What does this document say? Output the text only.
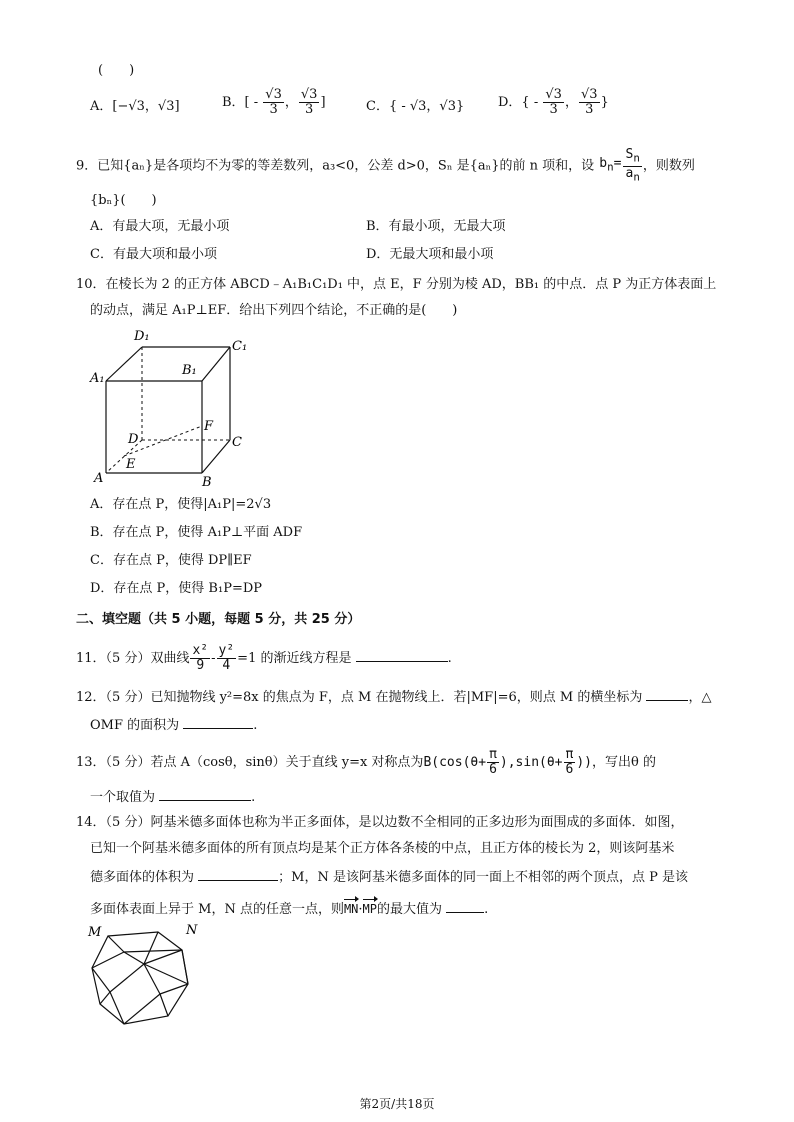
(　　)
A．[−√3，√3]	B．[ - $\frac{√3}{3}$ ， $\frac{√3}{3}$ ]	C．{ - √3，√3}	D．{ - $\frac{√3}{3}$ ， $\frac{√3}{3}$ }
9．已知{aₙ}是各项均不为零的等差数列，a₃<0，公差 d>0，Sₙ 是{aₙ}的前 n 项和，设 $b_n= \frac{S_n}{a_n}$ ，则数列
{bₙ}(　　)
A．有最大项，无最小项	B．有最小项，无最大项
C．有最大项和最小项	D．无最大项和最小项
10．在棱长为 2 的正方体 ABCD﹣A₁B₁C₁D₁ 中，点 E，F 分别为棱 AD，BB₁ 的中点．点 P 为正方体表面上
的动点，满足 A₁P⊥EF．给出下列四个结论，不正确的是(　　)
D₁
C₁
A₁
B₁
F
D	C
E
A	B
A．存在点 P，使得|A₁P|=2√3
B．存在点 P，使得 A₁P⊥平面 ADF
C．存在点 P，使得 DP∥EF
D．存在点 P，使得 B₁P=DP
二、填空题（共 5 小题，每题 5 分，共 25 分）
11．（5 分）双曲线 $\frac{\text{x²}}{9} - \frac{\text{y²}}{4} =1$ 的渐近线方程是	.
12．（5 分）已知抛物线 y²=8x 的焦点为 F，点 M 在抛物线上．若|MF|=6，则点 M 的横坐标为	，△
OMF 的面积为	.
13．（5 分）若点 A（cosθ，sinθ）关于直线 y=x 对称点为$B(\cos(\theta+ \frac{\pi}{6} ),\sin(\theta+ \frac{\pi}{6}$ ))，写出θ 的
一个取值为	.
14．（5 分）阿基米德多面体也称为半正多面体，是以边数不全相同的正多边形为面围成的多面体．如图，
已知一个阿基米德多面体的所有顶点均是某个正方体各条棱的中点，且正方体的棱长为 2，则该阿基米
德多面体的体积为	；M，N 是该阿基米德多面体的同一面上不相邻的两个顶点，点 P 是该
多面体表面上异于 M，N 点的任意一点，则MN·MP的最大值为	.
M	N
第2页/共18页
